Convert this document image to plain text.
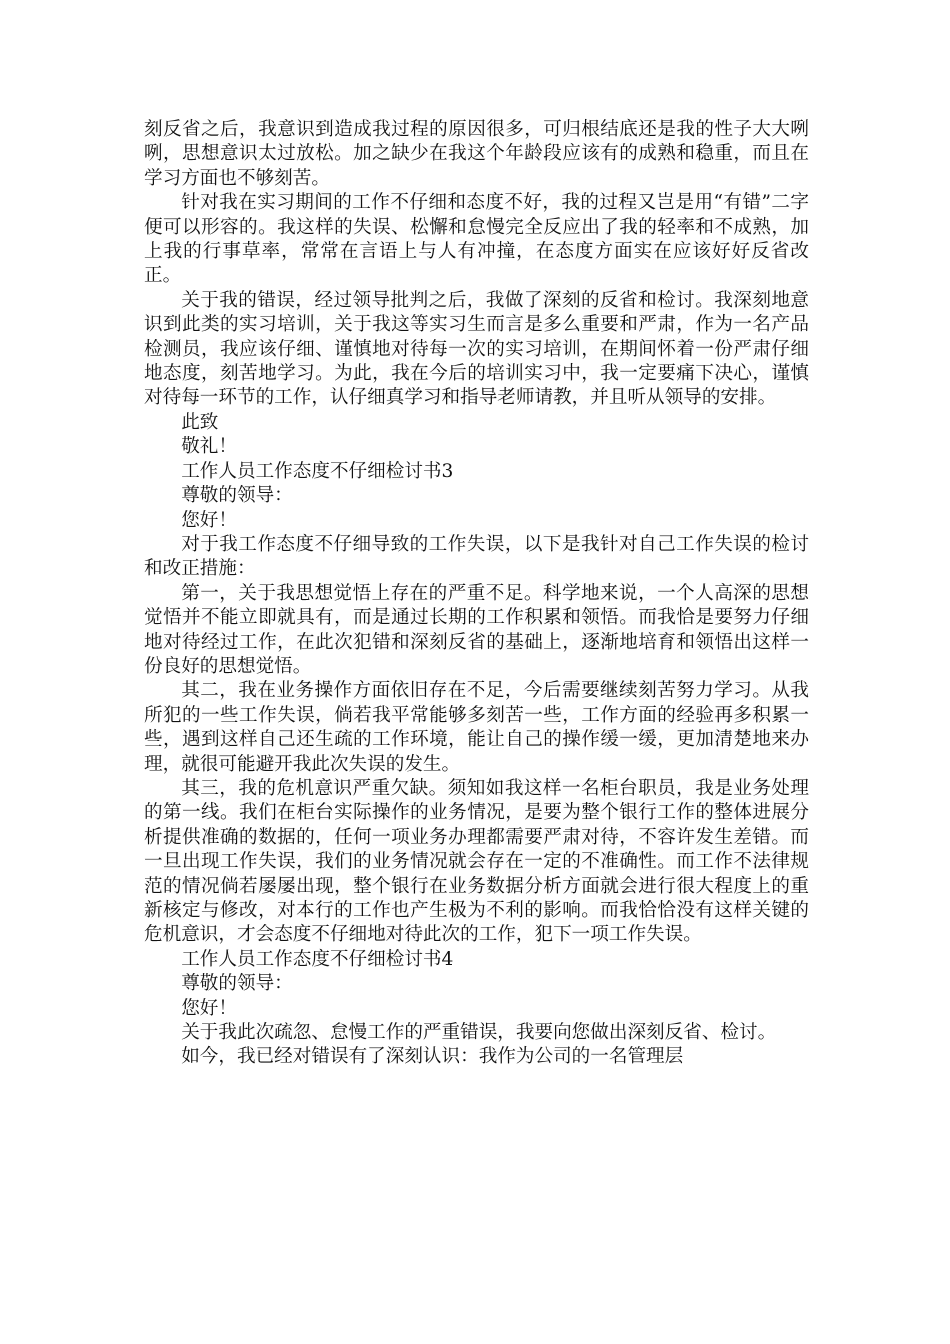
刻反省之后，我意识到造成我过程的原因很多，可归根结底还是我的性子大大咧咧，思想意识太过放松。加之缺少在我这个年龄段应该有的成熟和稳重，而且在学习方面也不够刻苦。

针对我在实习期间的工作不仔细和态度不好，我的过程又岂是用“有错”二字便可以形容的。我这样的失误、松懈和怠慢完全反应出了我的轻率和不成熟，加上我的行事草率，常常在言语上与人有冲撞，在态度方面实在应该好好反省改正。

关于我的错误，经过领导批判之后，我做了深刻的反省和检讨。我深刻地意识到此类的实习培训，关于我这等实习生而言是多么重要和严肃，作为一名产品检测员，我应该仔细、谨慎地对待每一次的实习培训，在期间怀着一份严肃仔细地态度，刻苦地学习。为此，我在今后的培训实习中，我一定要痛下决心，谨慎对待每一环节的工作，认仔细真学习和指导老师请教，并且听从领导的安排。

此致

敬礼！

工作人员工作态度不仔细检讨书3

尊敬的领导：

您好！

对于我工作态度不仔细导致的工作失误，以下是我针对自己工作失误的检讨和改正措施：

第一，关于我思想觉悟上存在的严重不足。科学地来说，一个人高深的思想觉悟并不能立即就具有，而是通过长期的工作积累和领悟。而我恰是要努力仔细地对待经过工作，在此次犯错和深刻反省的基础上，逐渐地培育和领悟出这样一份良好的思想觉悟。

其二，我在业务操作方面依旧存在不足，今后需要继续刻苦努力学习。从我所犯的一些工作失误，倘若我平常能够多刻苦一些，工作方面的经验再多积累一些，遇到这样自己还生疏的工作环境，能让自己的操作缓一缓，更加清楚地来办理，就很可能避开我此次失误的发生。

其三，我的危机意识严重欠缺。须知如我这样一名柜台职员，我是业务处理的第一线。我们在柜台实际操作的业务情况，是要为整个银行工作的整体进展分析提供准确的数据的，任何一项业务办理都需要严肃对待，不容许发生差错。而一旦出现工作失误，我们的业务情况就会存在一定的不准确性。而工作不法律规范的情况倘若屡屡出现，整个银行在业务数据分析方面就会进行很大程度上的重新核定与修改，对本行的工作也产生极为不利的影响。而我恰恰没有这样关键的危机意识，才会态度不仔细地对待此次的工作，犯下一项工作失误。

工作人员工作态度不仔细检讨书4

尊敬的领导：

您好！

关于我此次疏忽、怠慢工作的严重错误，我要向您做出深刻反省、检讨。

如今，我已经对错误有了深刻认识：我作为公司的一名管理层
